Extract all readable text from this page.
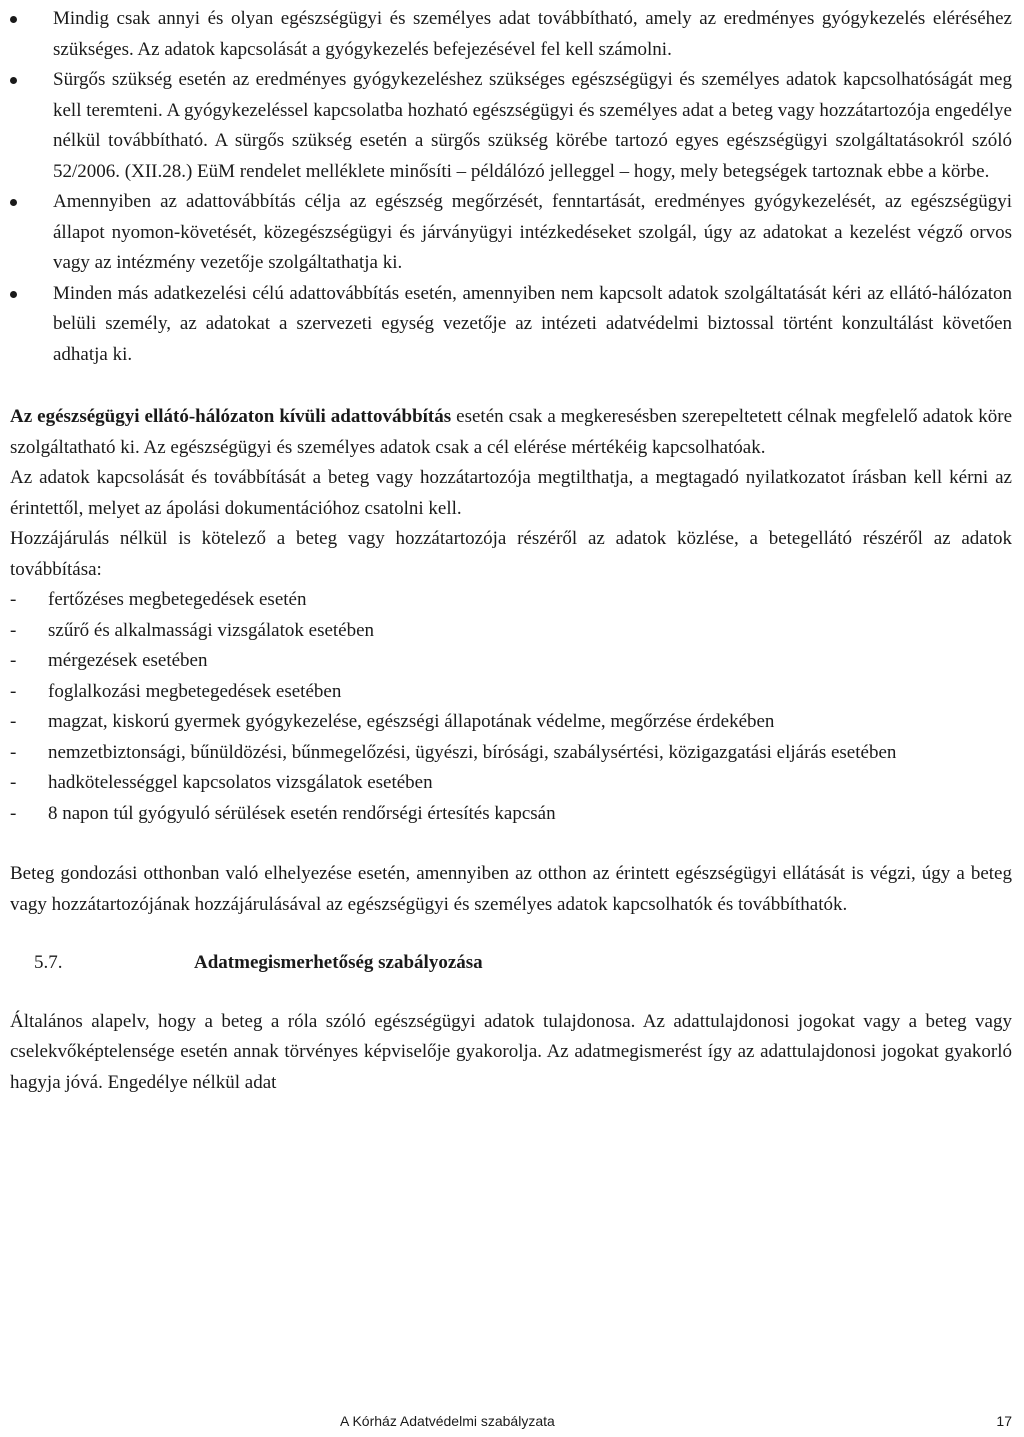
Mindig csak annyi és olyan egészségügyi és személyes adat továbbítható, amely az eredményes gyógykezelés eléréséhez szükséges. Az adatok kapcsolását a gyógykezelés befejezésével fel kell számolni.
Sürgős szükség esetén az eredményes gyógykezeléshez szükséges egészségügyi és személyes adatok kapcsolhatóságát meg kell teremteni. A gyógykezeléssel kapcsolatba hozható egészségügyi és személyes adat a beteg vagy hozzátartozója engedélye nélkül továbbítható. A sürgős szükség esetén a sürgős szükség körébe tartozó egyes egészségügyi szolgáltatásokról szóló 52/2006. (XII.28.) EüM rendelet melléklete minősíti – példálózó jelleggel – hogy, mely betegségek tartoznak ebbe a körbe.
Amennyiben az adattovábbítás célja az egészség megőrzését, fenntartását, eredményes gyógykezelését, az egészségügyi állapot nyomon-követését, közegészségügyi és járványügyi intézkedéseket szolgál, úgy az adatokat a kezelést végző orvos vagy az intézmény vezetője szolgáltathatja ki.
Minden más adatkezelési célú adattovábbítás esetén, amennyiben nem kapcsolt adatok szolgáltatását kéri az ellátó-hálózaton belüli személy, az adatokat a szervezeti egység vezetője az intézeti adatvédelmi biztossal történt konzultálást követően adhatja ki.

Az egészségügyi ellátó-hálózaton kívüli adattovábbítás esetén csak a megkeresésben szerepeltetett célnak megfelelő adatok köre szolgáltatható ki. Az egészségügyi és személyes adatok csak a cél elérése mértékéig kapcsolhatóak.

Az adatok kapcsolását és továbbítását a beteg vagy hozzátartozója megtilthatja, a megtagadó nyilatkozatot írásban kell kérni az érintettől, melyet az ápolási dokumentációhoz csatolni kell.

Hozzájárulás nélkül is kötelező a beteg vagy hozzátartozója részéről az adatok közlése, a betegellátó részéről az adatok továbbítása:

- fertőzéses megbetegedések esetén
- szűrő és alkalmassági vizsgálatok esetében
- mérgezések esetében
- foglalkozási megbetegedések esetében
- magzat, kiskorú gyermek gyógykezelése, egészségi állapotának védelme, megőrzése érdekében
- nemzetbiztonsági, bűnüldözési, bűnmegelőzési, ügyészi, bírósági, szabálysértési, közigazgatási eljárás esetében
- hadkötelességgel kapcsolatos vizsgálatok esetében
- 8 napon túl gyógyuló sérülések esetén rendőrségi értesítés kapcsán

Beteg gondozási otthonban való elhelyezése esetén, amennyiben az otthon az érintett egészségügyi ellátását is végzi, úgy a beteg vagy hozzátartozójának hozzájárulásával az egészségügyi és személyes adatok kapcsolhatók és továbbíthatók.

5.7.	Adatmegismerhetőség szabályozása

Általános alapelv, hogy a beteg a róla szóló egészségügyi adatok tulajdonosa. Az adattulajdonosi jogokat vagy a beteg vagy cselekvőképtelensége esetén annak törvényes képviselője gyakorolja. Az adatmegismerést így az adattulajdonosi jogokat gyakorló hagyja jóvá. Engedélye nélkül adat

A Kórház Adatvédelmi szabályzata	17
